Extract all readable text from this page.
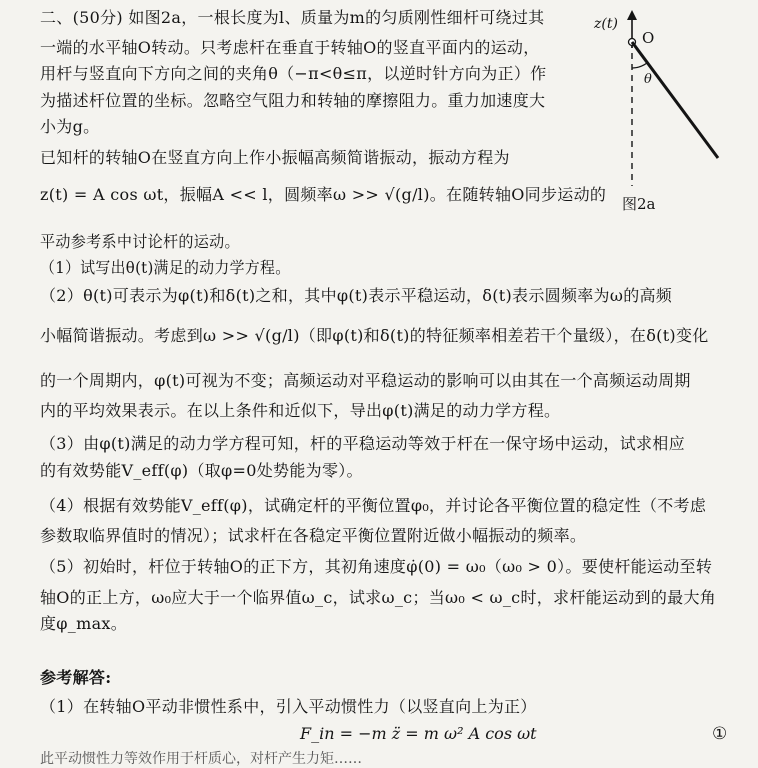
二、(50分) 如图2a，一根长度为l、质量为m的匀质刚性细杆可绕过其
一端的水平轴O转动。只考虑杆在垂直于转轴O的竖直平面内的运动，
用杆与竖直向下方向之间的夹角θ（−π<θ≤π，以逆时针方向为正）作
为描述杆位置的坐标。忽略空气阻力和转轴的摩擦阻力。重力加速度大
小为g。
已知杆的转轴O在竖直方向上作小振幅高频简谐振动，振动方程为
z(t) = A cos ωt，振幅A << l，圆频率ω >> √(g/l)。在随转轴O同步运动的
平动参考系中讨论杆的运动。
（1）试写出θ(t)满足的动力学方程。
（2）θ(t)可表示为φ(t)和δ(t)之和，其中φ(t)表示平稳运动，δ(t)表示圆频率为ω的高频
小幅简谐振动。考虑到ω >> √(g/l)（即φ(t)和δ(t)的特征频率相差若干个量级），在δ(t)变化
的一个周期内，φ(t)可视为不变；高频运动对平稳运动的影响可以由其在一个高频运动周期
内的平均效果表示。在以上条件和近似下，导出φ(t)满足的动力学方程。
（3）由φ(t)满足的动力学方程可知，杆的平稳运动等效于杆在一保守场中运动，试求相应
的有效势能V_eff(φ)（取φ=0处势能为零）。
（4）根据有效势能V_eff(φ)，试确定杆的平衡位置φ₀，并讨论各平衡位置的稳定性（不考虑
参数取临界值时的情况）；试求杆在各稳定平衡位置附近做小幅振动的频率。
（5）初始时，杆位于转轴O的正下方，其初角速度φ̇(0) = ω₀（ω₀ > 0）。要使杆能运动至转
轴O的正上方，ω₀应大于一个临界值ω_c，试求ω_c；当ω₀ < ω_c时，求杆能运动到的最大角
度φ_max。
z(t)
O
θ
图2a
参考解答:
（1）在转轴O平动非惯性系中，引入平动惯性力（以竖直向上为正）
F_in = −m z̈ = m ω² A cos ωt	①
此平动惯性力等效作用于杆质心，对杆产生力矩……
